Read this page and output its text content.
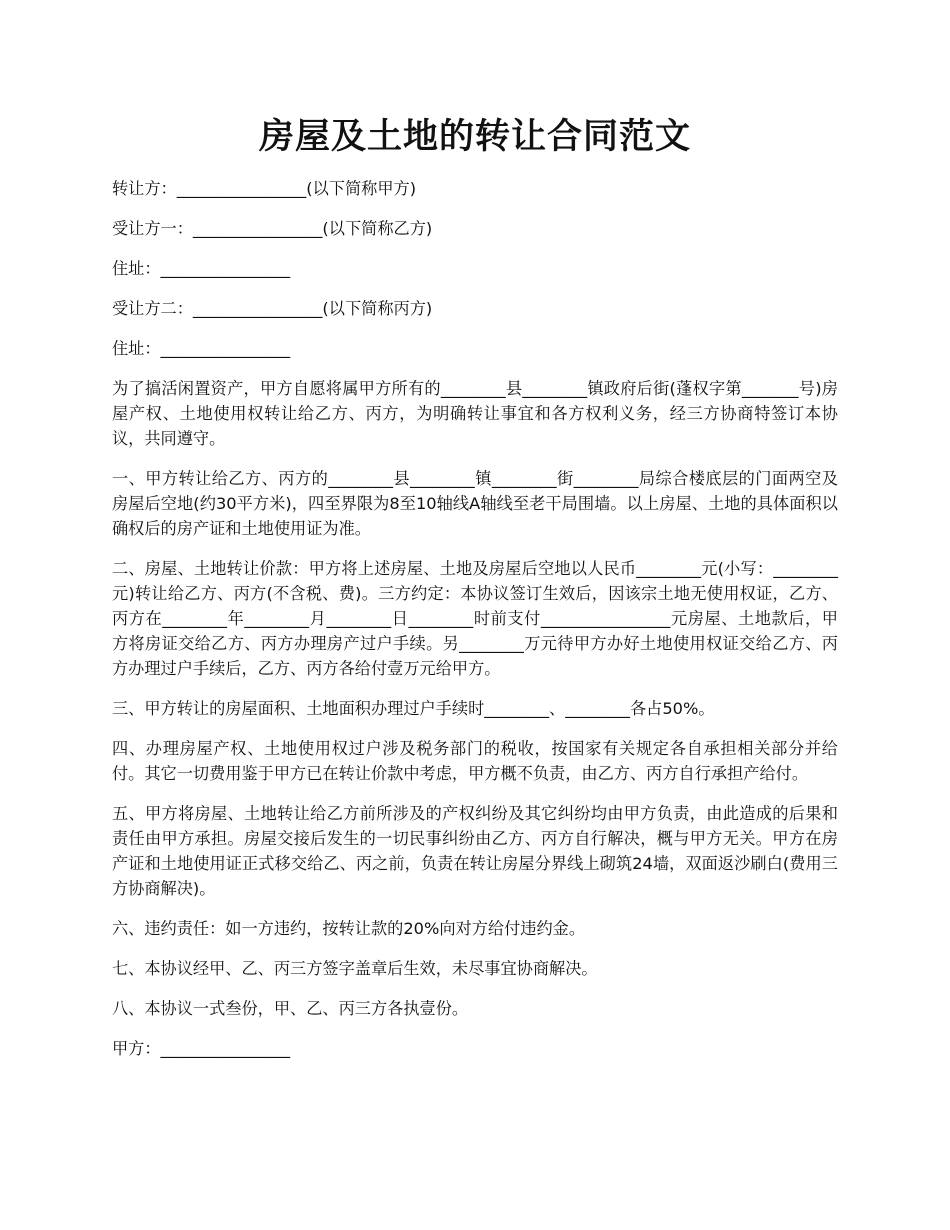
房屋及土地的转让合同范文
转让方：________________(以下简称甲方)
受让方一：________________(以下简称乙方)
住址：________________
受让方二：________________(以下简称丙方)
住址：________________

为了搞活闲置资产，甲方自愿将属甲方所有的________县________镇政府后街(蓬权字第_______号)房屋产权、土地使用权转让给乙方、丙方，为明确转让事宜和各方权利义务，经三方协商特签订本协议，共同遵守。

一、甲方转让给乙方、丙方的________县________镇________街________局综合楼底层的门面两空及房屋后空地(约30平方米)，四至界限为8至10轴线A轴线至老干局围墙。以上房屋、土地的具体面积以确权后的房产证和土地使用证为准。

二、房屋、土地转让价款：甲方将上述房屋、土地及房屋后空地以人民币________元(小写：________元)转让给乙方、丙方(不含税、费)。三方约定：本协议签订生效后，因该宗土地无使用权证，乙方、丙方在________年________月________日________时前支付________________元房屋、土地款后，甲方将房证交给乙方、丙方办理房产过户手续。另________万元待甲方办好土地使用权证交给乙方、丙方办理过户手续后，乙方、丙方各给付壹万元给甲方。

三、甲方转让的房屋面积、土地面积办理过户手续时________、________各占50%。

四、办理房屋产权、土地使用权过户涉及税务部门的税收，按国家有关规定各自承担相关部分并给付。其它一切费用鉴于甲方已在转让价款中考虑，甲方概不负责，由乙方、丙方自行承担产给付。

五、甲方将房屋、土地转让给乙方前所涉及的产权纠纷及其它纠纷均由甲方负责，由此造成的后果和责任由甲方承担。房屋交接后发生的一切民事纠纷由乙方、丙方自行解决，概与甲方无关。甲方在房产证和土地使用证正式移交给乙、丙之前，负责在转让房屋分界线上砌筑24墙，双面返沙刷白(费用三方协商解决)。

六、违约责任：如一方违约，按转让款的20%向对方给付违约金。

七、本协议经甲、乙、丙三方签字盖章后生效，未尽事宜协商解决。

八、本协议一式叁份，甲、乙、丙三方各执壹份。

甲方：________________
